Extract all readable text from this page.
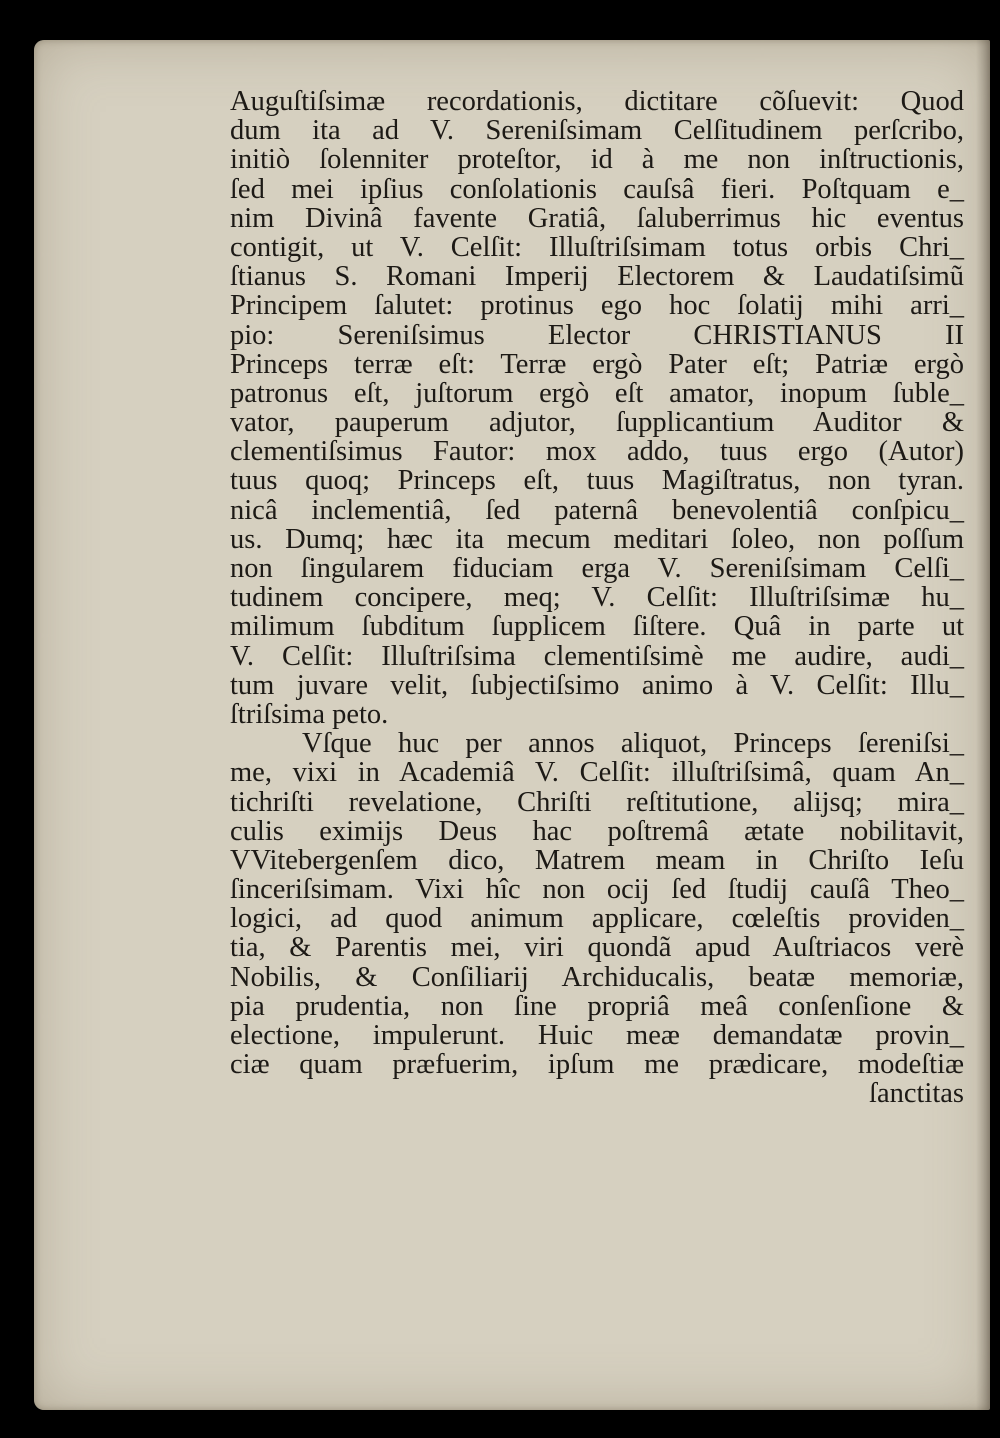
Auguſtiſsimæ recordationis, dictitare cõſuevit: Quod
dum ita ad V. Sereniſsimam Celſitudinem perſcribo,
initiò ſolenniter proteſtor, id à me non inſtructionis,
ſed mei ipſius conſolationis cauſsâ fieri. Poſtquam e_
nim Divinâ favente Gratiâ, ſaluberrimus hic eventus
contigit, ut V. Celſit: Illuſtriſsimam totus orbis Chri_
ſtianus S. Romani Imperij Electorem & Laudatiſsimũ
Principem ſalutet: protinus ego hoc ſolatij mihi arri_
pio: Sereniſsimus Elector CHRISTIANUS II
Princeps terræ eſt: Terræ ergò Pater eſt; Patriæ ergò
patronus eſt, juſtorum ergò eſt amator, inopum ſuble_
vator, pauperum adjutor, ſupplicantium Auditor &
clementiſsimus Fautor: mox addo, tuus ergo (Autor)
tuus quoq; Princeps eſt, tuus Magiſtratus, non tyran.
nicâ inclementiâ, ſed paternâ benevolentiâ conſpicu_
us. Dumq; hæc ita mecum meditari ſoleo, non poſſum
non ſingularem fiduciam erga V. Sereniſsimam Celſi_
tudinem concipere, meq; V. Celſit: Illuſtriſsimæ hu_
milimum ſubditum ſupplicem ſiſtere. Quâ in parte ut
V. Celſit: Illuſtriſsima clementiſsimè me audire, audi_
tum juvare velit, ſubjectiſsimo animo à V. Celſit: Illu_
ſtriſsima peto.
Vſque huc per annos aliquot, Princeps ſereniſsi_
me, vixi in Academiâ V. Celſit: illuſtriſsimâ, quam An_
tichriſti revelatione, Chriſti reſtitutione, alijsq; mira_
culis eximijs Deus hac poſtremâ ætate nobilitavit,
VVitebergenſem dico, Matrem meam in Chriſto Ieſu
ſinceriſsimam. Vixi hîc non ocij ſed ſtudij cauſâ Theo_
logici, ad quod animum applicare, cœleſtis providen_
tia, & Parentis mei, viri quondã apud Auſtriacos verè
Nobilis, & Conſiliarij Archiducalis, beatæ memoriæ,
pia prudentia, non ſine propriâ meâ conſenſione &
electione, impulerunt. Huic meæ demandatæ provin_
ciæ quam præfuerim, ipſum me prædicare, modeſtiæ
ſanctitas
